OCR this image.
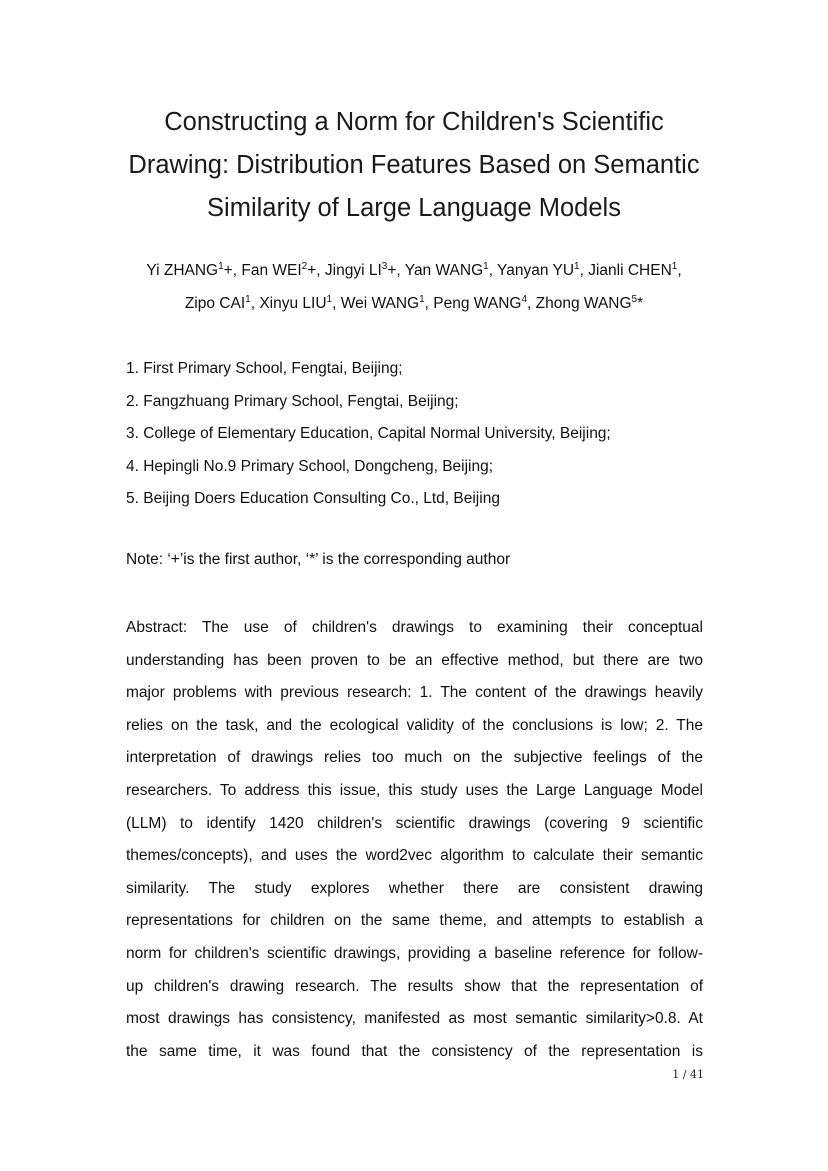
Constructing a Norm for Children's Scientific
Drawing: Distribution Features Based on Semantic
Similarity of Large Language Models
Yi $ZHANG^1+$, Fan $WEI^2+$, Jingyi $LI^3+$, Yan WANG$^1$, Yanyan $YU^1$, Jianli CHEN$^1$,
Zipo CAI$^1$, Xinyu LIU$^1$, Wei WANG$^1$, Peng WANG$^4$, Zhong WANG$^5$*
1. First Primary School, Fengtai, Beijing;
2. Fangzhuang Primary School, Fengtai, Beijing;
3. College of Elementary Education, Capital Normal University, Beijing;
4. Hepingli No.9 Primary School, Dongcheng, Beijing;
5. Beijing Doers Education Consulting Co., Ltd, Beijing
Note: ‘+’is the first author, ‘*’ is the corresponding author
Abstract: The use of children's drawings to examining their conceptual
understanding has been proven to be an effective method, but there are two
major problems with previous research: 1. The content of the drawings heavily
relies on the task, and the ecological validity of the conclusions is low; 2. The
interpretation of drawings relies too much on the subjective feelings of the
researchers. To address this issue, this study uses the Large Language Model
(LLM) to identify 1420 children's scientific drawings (covering 9 scientific
themes/concepts), and uses the word2vec algorithm to calculate their semantic
similarity. The study explores whether there are consistent drawing
representations for children on the same theme, and attempts to establish a
norm for children's scientific drawings, providing a baseline reference for follow-
up children's drawing research. The results show that the representation of
most drawings has consistency, manifested as most semantic similarity>0.8. At
the same time, it was found that the consistency of the representation is
1 / 41
